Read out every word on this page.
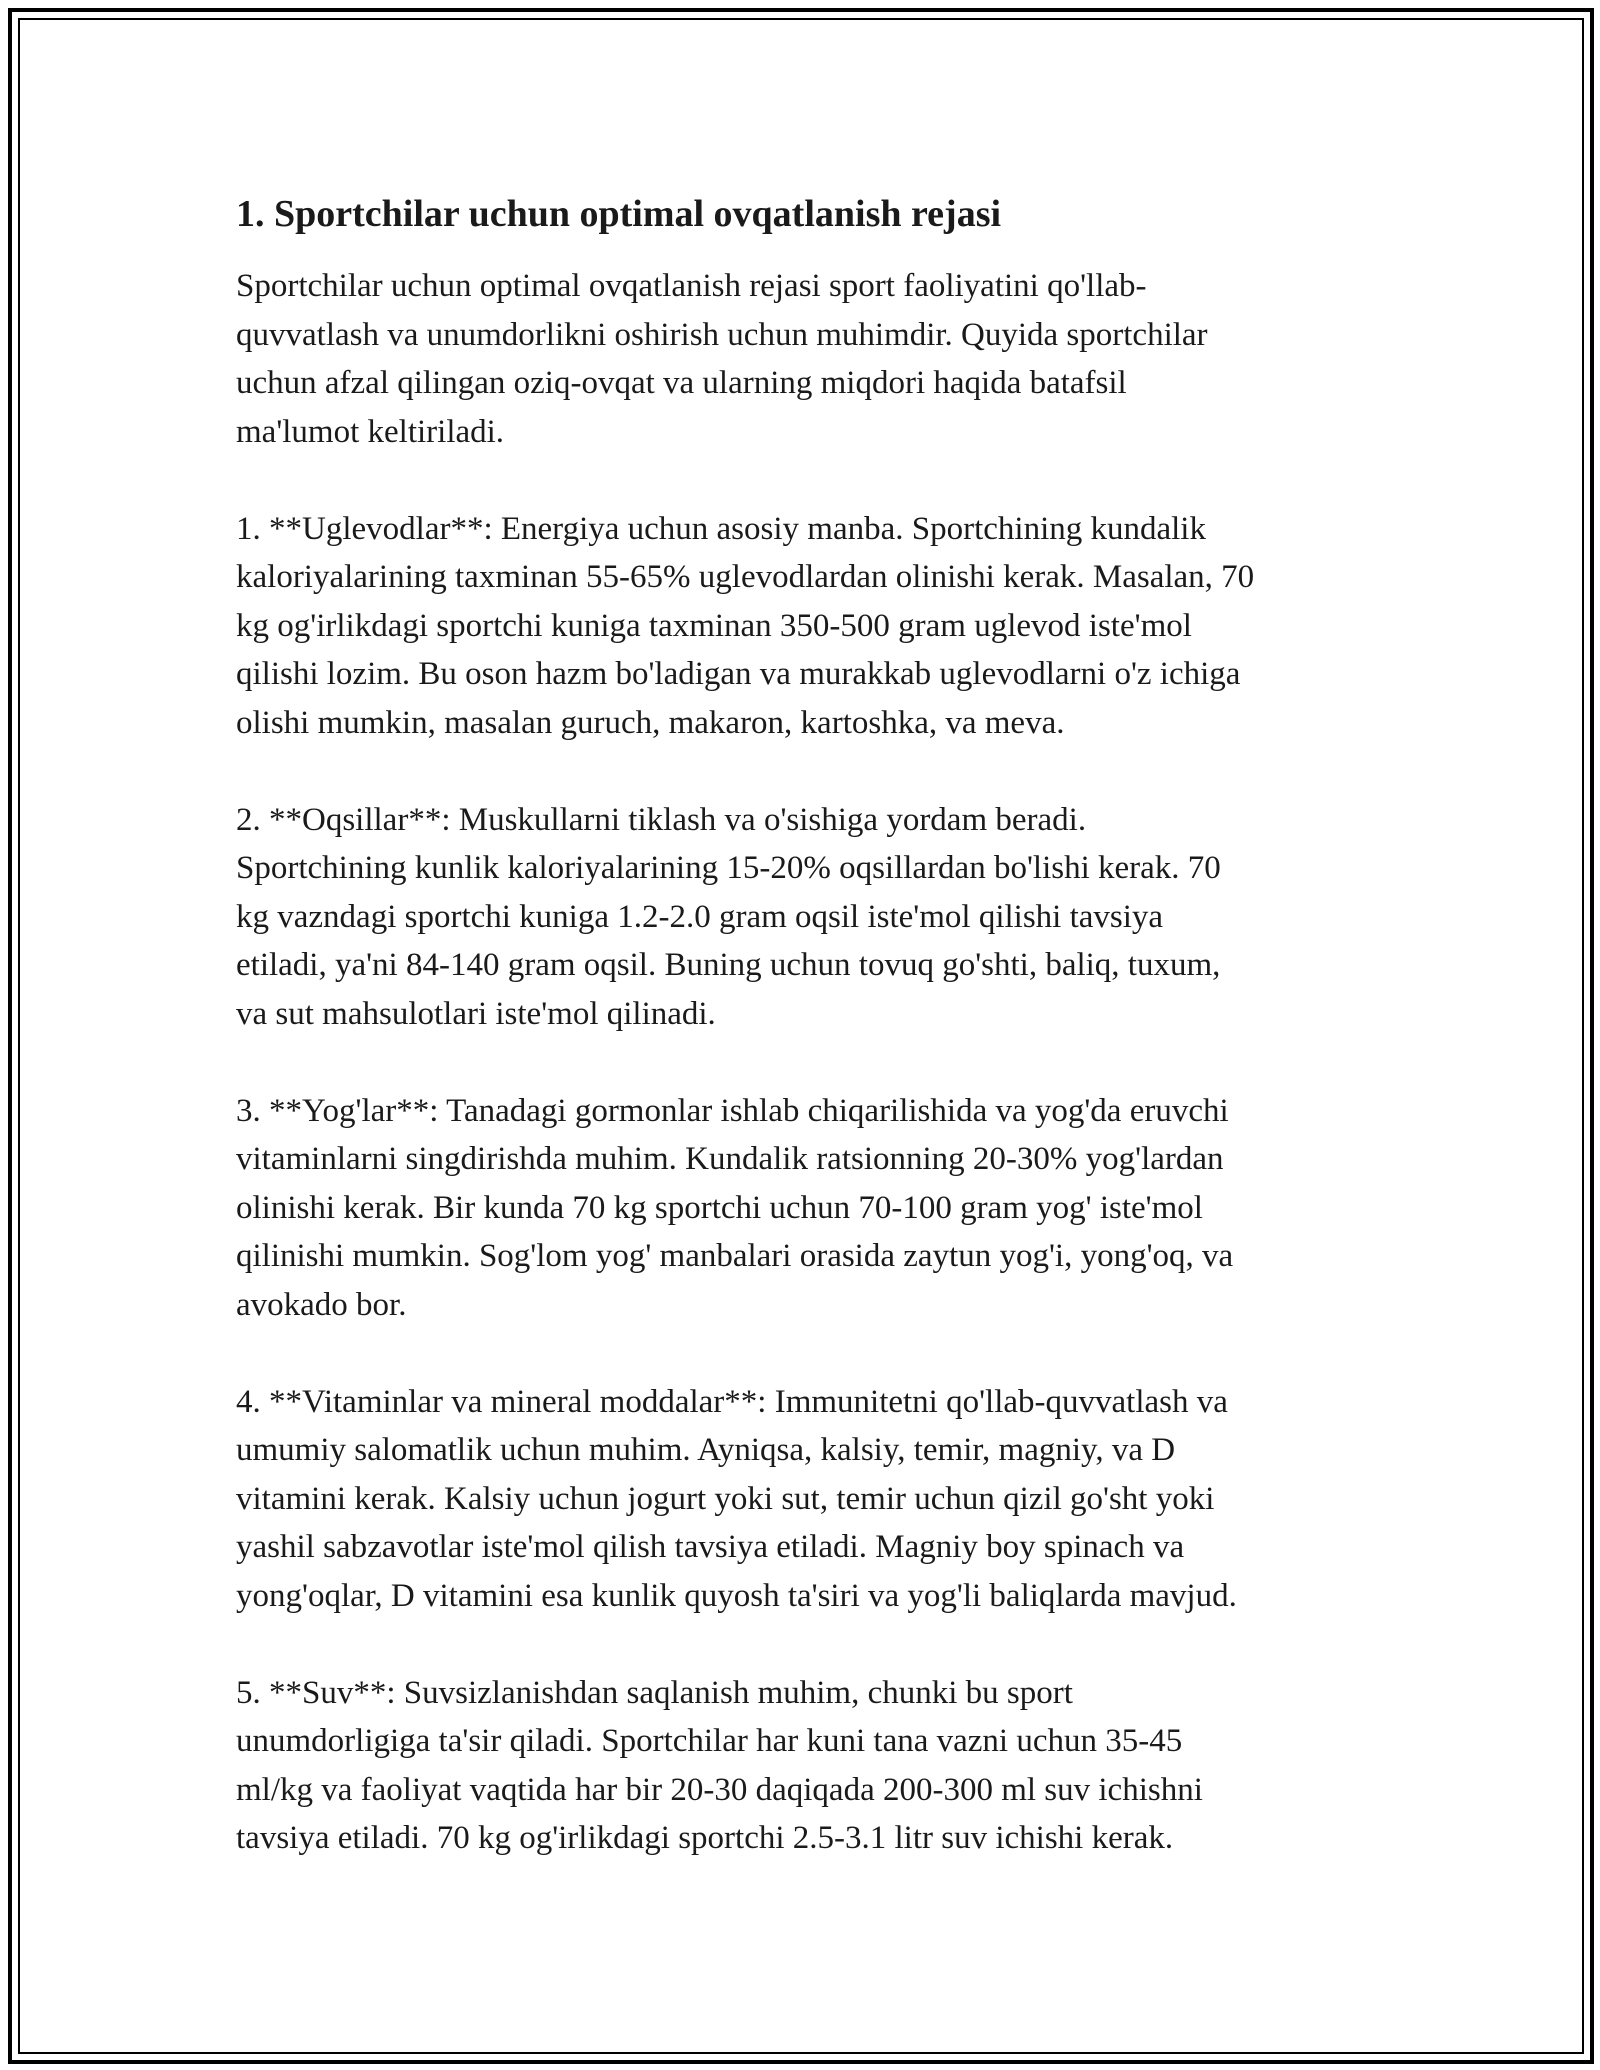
1. Sportchilar uchun optimal ovqatlanish rejasi

Sportchilar uchun optimal ovqatlanish rejasi sport faoliyatini qo'llab-
quvvatlash va unumdorlikni oshirish uchun muhimdir. Quyida sportchilar
uchun afzal qilingan oziq-ovqat va ularning miqdori haqida batafsil
ma'lumot keltiriladi.

1. **Uglevodlar**: Energiya uchun asosiy manba. Sportchining kundalik
kaloriyalarining taxminan 55-65% uglevodlardan olinishi kerak. Masalan, 70
kg og'irlikdagi sportchi kuniga taxminan 350-500 gram uglevod iste'mol
qilishi lozim. Bu oson hazm bo'ladigan va murakkab uglevodlarni o'z ichiga
olishi mumkin, masalan guruch, makaron, kartoshka, va meva.

2. **Oqsillar**: Muskullarni tiklash va o'sishiga yordam beradi.
Sportchining kunlik kaloriyalarining 15-20% oqsillardan bo'lishi kerak. 70
kg vazndagi sportchi kuniga 1.2-2.0 gram oqsil iste'mol qilishi tavsiya
etiladi, ya'ni 84-140 gram oqsil. Buning uchun tovuq go'shti, baliq, tuxum,
va sut mahsulotlari iste'mol qilinadi.

3. **Yog'lar**: Tanadagi gormonlar ishlab chiqarilishida va yog'da eruvchi
vitaminlarni singdirishda muhim. Kundalik ratsionning 20-30% yog'lardan
olinishi kerak. Bir kunda 70 kg sportchi uchun 70-100 gram yog' iste'mol
qilinishi mumkin. Sog'lom yog' manbalari orasida zaytun yog'i, yong'oq, va
avokado bor.

4. **Vitaminlar va mineral moddalar**: Immunitetni qo'llab-quvvatlash va
umumiy salomatlik uchun muhim. Ayniqsa, kalsiy, temir, magniy, va D
vitamini kerak. Kalsiy uchun jogurt yoki sut, temir uchun qizil go'sht yoki
yashil sabzavotlar iste'mol qilish tavsiya etiladi. Magniy boy spinach va
yong'oqlar, D vitamini esa kunlik quyosh ta'siri va yog'li baliqlarda mavjud.

5. **Suv**: Suvsizlanishdan saqlanish muhim, chunki bu sport
unumdorligiga ta'sir qiladi. Sportchilar har kuni tana vazni uchun 35-45
ml/kg va faoliyat vaqtida har bir 20-30 daqiqada 200-300 ml suv ichishni
tavsiya etiladi. 70 kg og'irlikdagi sportchi 2.5-3.1 litr suv ichishi kerak.
